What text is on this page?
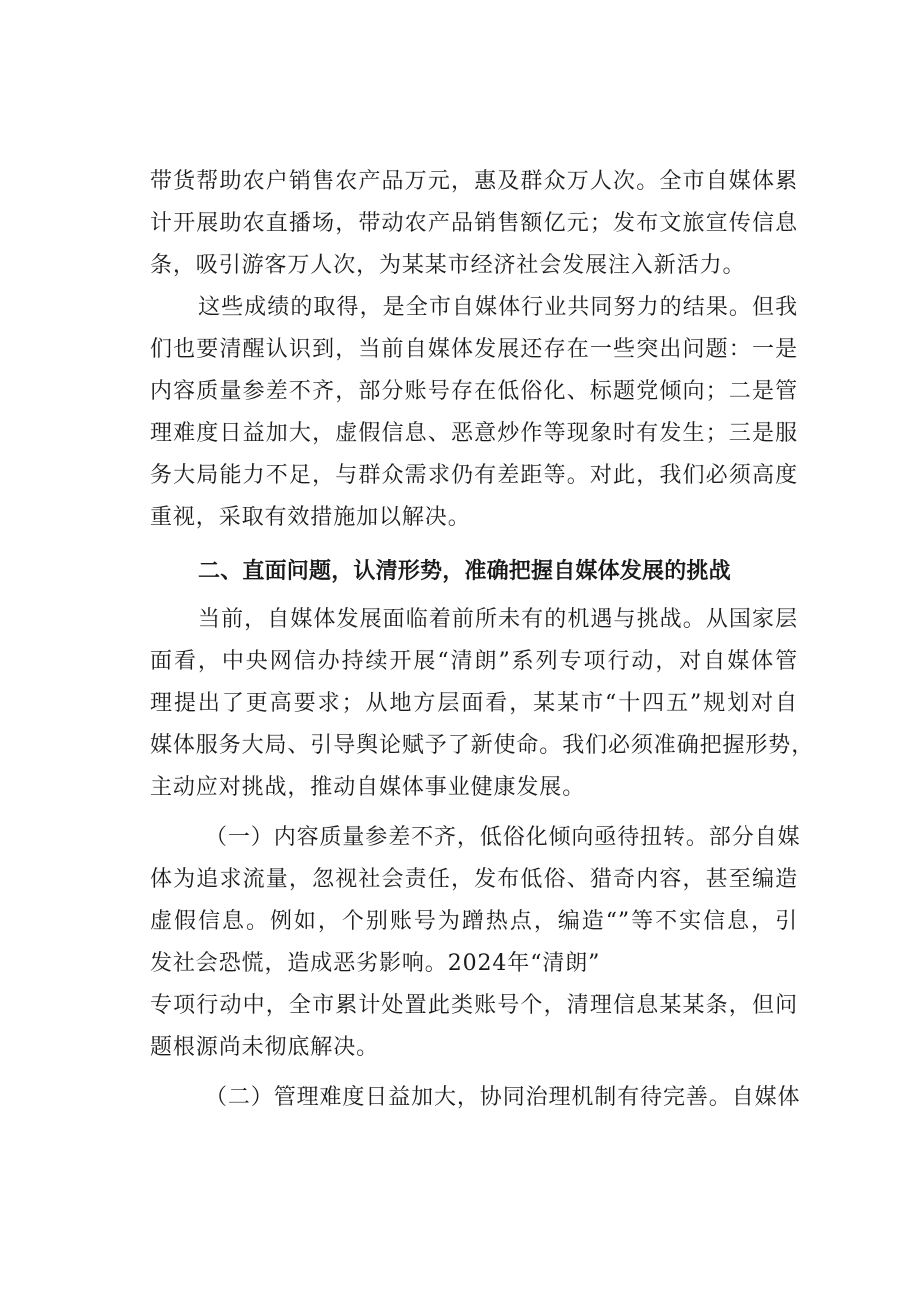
带货帮助农户销售农产品万元，惠及群众万人次。全市自媒体累
计开展助农直播场，带动农产品销售额亿元；发布文旅宣传信息
条，吸引游客万人次，为某某市经济社会发展注入新活力。
这些成绩的取得，是全市自媒体行业共同努力的结果。但我
们也要清醒认识到，当前自媒体发展还存在一些突出问题：一是
内容质量参差不齐，部分账号存在低俗化、标题党倾向；二是管
理难度日益加大，虚假信息、恶意炒作等现象时有发生；三是服
务大局能力不足，与群众需求仍有差距等。对此，我们必须高度
重视，采取有效措施加以解决。
二、直面问题，认清形势，准确把握自媒体发展的挑战
当前，自媒体发展面临着前所未有的机遇与挑战。从国家层
面看，中央网信办持续开展“清朗”系列专项行动，对自媒体管
理提出了更高要求；从地方层面看，某某市“十四五”规划对自
媒体服务大局、引导舆论赋予了新使命。我们必须准确把握形势，
主动应对挑战，推动自媒体事业健康发展。
（一）内容质量参差不齐，低俗化倾向亟待扭转。部分自媒
体为追求流量，忽视社会责任，发布低俗、猎奇内容，甚至编造
虚假信息。例如，个别账号为蹭热点，编造“”等不实信息，引
发社会恐慌，造成恶劣影响。2024年“清朗”
专项行动中，全市累计处置此类账号个，清理信息某某条，但问
题根源尚未彻底解决。
（二）管理难度日益加大，协同治理机制有待完善。自媒体
